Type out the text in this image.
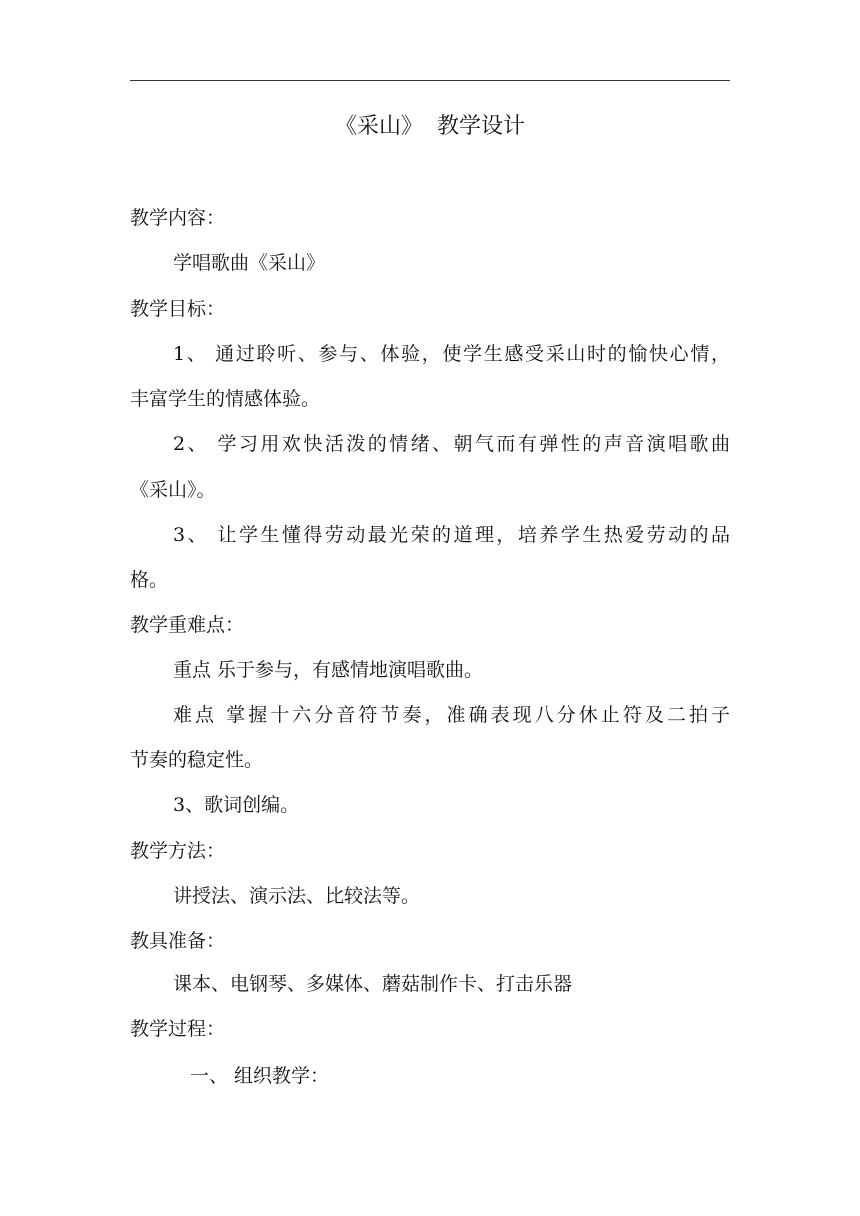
《采山》  教学设计
教学内容：
学唱歌曲《采山》
教学目标：
1、 通过聆听、参与、体验，使学生感受采山时的愉快心情，
丰富学生的情感体验。
2、 学习用欢快活泼的情绪、朝气而有弹性的声音演唱歌曲
《采山》。
3、 让学生懂得劳动最光荣的道理，培养学生热爱劳动的品
格。
教学重难点：
重点 乐于参与，有感情地演唱歌曲。
难点 掌握十六分音符节奏，准确表现八分休止符及二拍子
节奏的稳定性。
3、歌词创编。
教学方法：
讲授法、演示法、比较法等。
教具准备：
课本、电钢琴、多媒体、蘑菇制作卡、打击乐器
教学过程：
一、 组织教学：
